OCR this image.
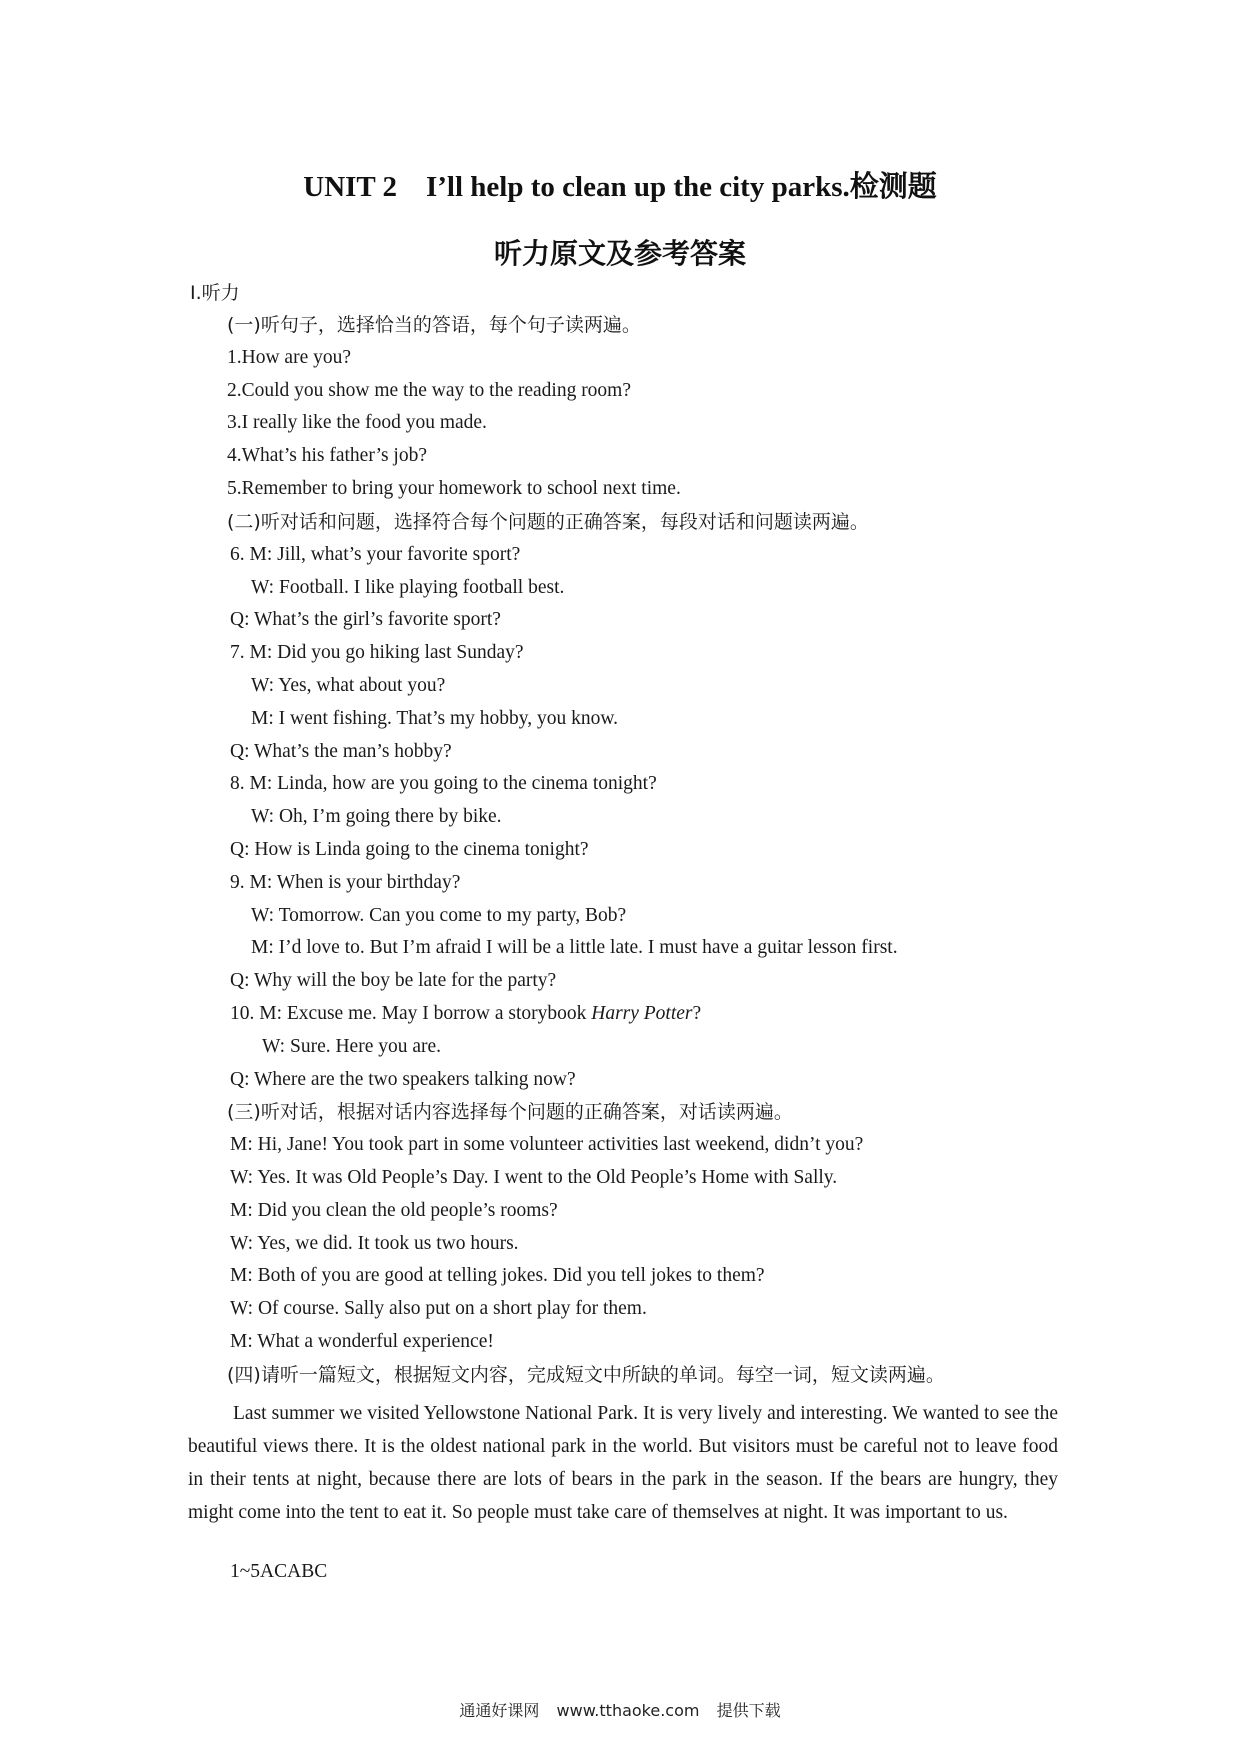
UNIT 2    I’ll help to clean up the city parks.检测题
听力原文及参考答案
Ⅰ.听力
(一)听句子，选择恰当的答语，每个句子读两遍。
1.How are you?
2.Could you show me the way to the reading room?
3.I really like the food you made.
4.What’s his father’s job?
5.Remember to bring your homework to school next time.
(二)听对话和问题，选择符合每个问题的正确答案，每段对话和问题读两遍。
6. M: Jill, what’s your favorite sport?
W: Football. I like playing football best.
Q: What’s the girl’s favorite sport?
7. M: Did you go hiking last Sunday?
W: Yes, what about you?
M: I went fishing. That’s my hobby, you know.
Q: What’s the man’s hobby?
8. M: Linda, how are you going to the cinema tonight?
W: Oh, I’m going there by bike.
Q: How is Linda going to the cinema tonight?
9. M: When is your birthday?
W: Tomorrow. Can you come to my party, Bob?
M: I’d love to. But I’m afraid I will be a little late. I must have a guitar lesson first.
Q: Why will the boy be late for the party?
10. M: Excuse me. May I borrow a storybook Harry Potter?
W: Sure. Here you are.
Q: Where are the two speakers talking now?
(三)听对话，根据对话内容选择每个问题的正确答案，对话读两遍。
M: Hi, Jane! You took part in some volunteer activities last weekend, didn’t you?
W: Yes. It was Old People’s Day. I went to the Old People’s Home with Sally.
M: Did you clean the old people’s rooms?
W: Yes, we did. It took us two hours.
M: Both of you are good at telling jokes. Did you tell jokes to them?
W: Of course. Sally also put on a short play for them.
M: What a wonderful experience!
(四)请听一篇短文，根据短文内容，完成短文中所缺的单词。每空一词，短文读两遍。
Last summer we visited Yellowstone National Park. It is very lively and interesting. We wanted to see the beautiful views there. It is the oldest national park in the world. But visitors must be careful not to leave food in their tents at night, because there are lots of bears in the park in the season. If the bears are hungry, they might come into the tent to eat it. So people must take care of themselves at night. It was important to us.
1~5ACABC
通通好课网 www.tthaoke.com 提供下载
